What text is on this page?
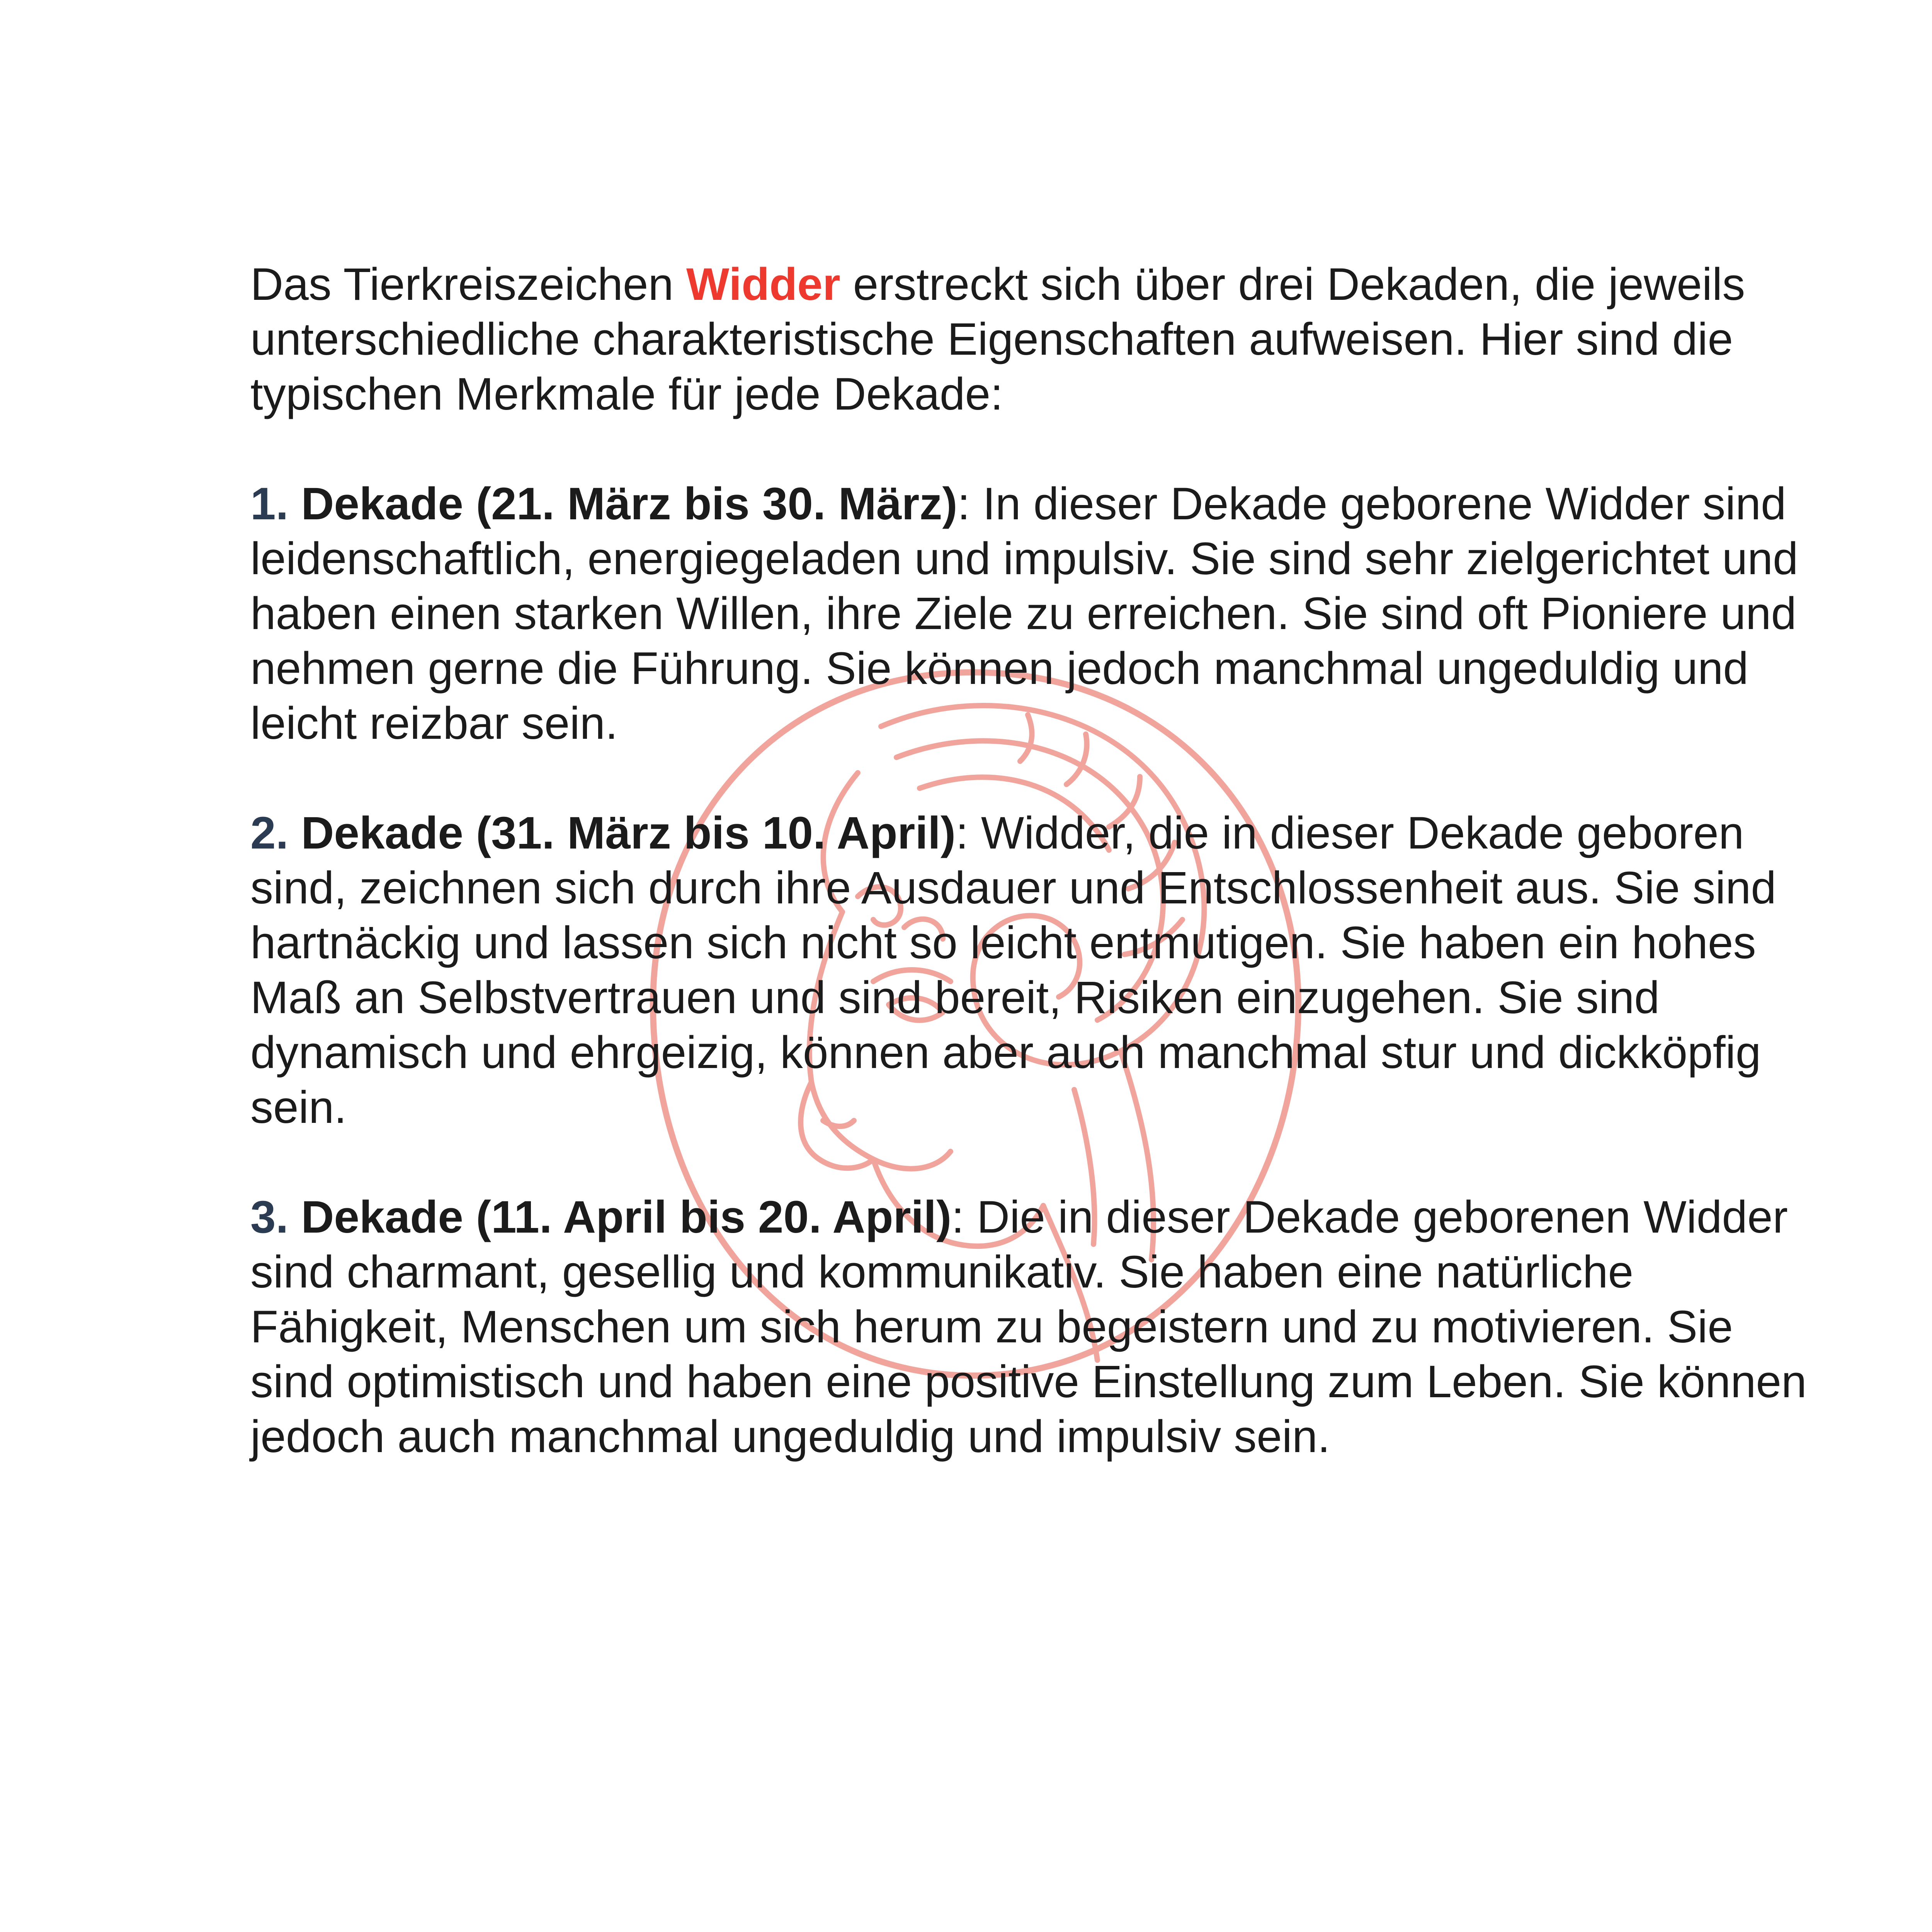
Das Tierkreiszeichen Widder erstreckt sich über drei Dekaden, die jeweils unterschiedliche charakteristische Eigenschaften aufweisen. Hier sind die typischen Merkmale für jede Dekade:

1. Dekade (21. März bis 30. März): In dieser Dekade geborene Widder sind leidenschaftlich, energiegeladen und impulsiv. Sie sind sehr zielgerichtet und haben einen starken Willen, ihre Ziele zu erreichen. Sie sind oft Pioniere und nehmen gerne die Führung. Sie können jedoch manchmal ungeduldig und leicht reizbar sein.

2. Dekade (31. März bis 10. April): Widder, die in dieser Dekade geboren sind, zeichnen sich durch ihre Ausdauer und Entschlossenheit aus. Sie sind hartnäckig und lassen sich nicht so leicht entmutigen. Sie haben ein hohes Maß an Selbstvertrauen und sind bereit, Risiken einzugehen. Sie sind dynamisch und ehrgeizig, können aber auch manchmal stur und dickköpfig sein.

3. Dekade (11. April bis 20. April): Die in dieser Dekade geborenen Widder sind charmant, gesellig und kommunikativ. Sie haben eine natürliche Fähigkeit, Menschen um sich herum zu begeistern und zu motivieren. Sie sind optimistisch und haben eine positive Einstellung zum Leben. Sie können jedoch auch manchmal ungeduldig und impulsiv sein.
